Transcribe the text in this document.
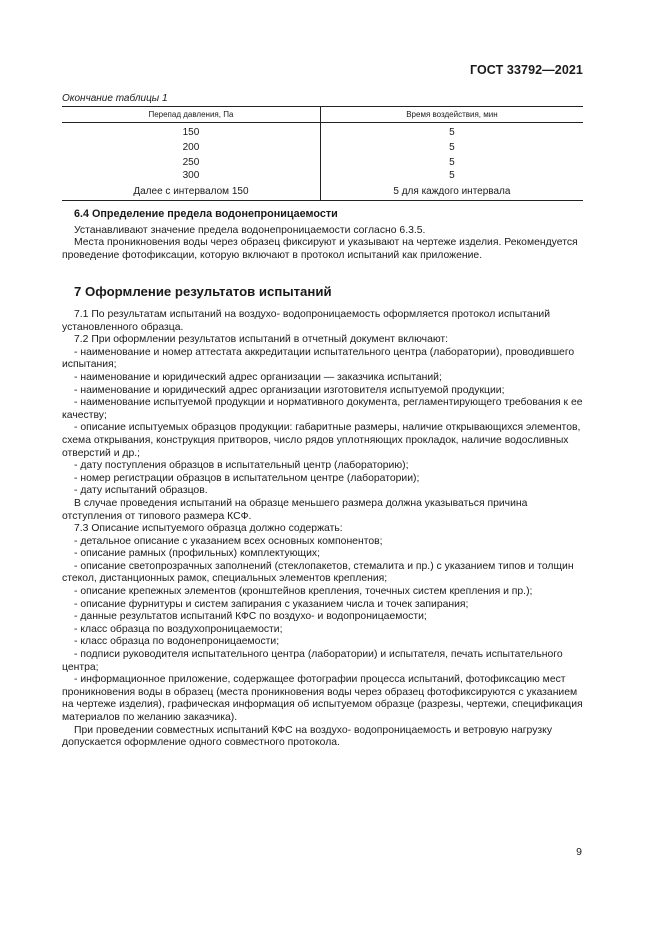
ГОСТ 33792—2021
Окончание таблицы 1
Перепад давления, Па	Время воздействия, мин
150	5
200	5
250	5
300	5
Далее с интервалом 150	5 для каждого интервала
6.4 Определение предела водонепроницаемости

Устанавливают значение предела водонепроницаемости согласно 6.3.5.

Места проникновения воды через образец фиксируют и указывают на чертеже изделия. Рекомендуется проведение фотофиксации, которую включают в протокол испытаний как приложение.

7 Оформление результатов испытаний

7.1 По результатам испытаний на воздухо- водопроницаемость оформляется протокол испытаний установленного образца.

7.2 При оформлении результатов испытаний в отчетный документ включают:

- наименование и номер аттестата аккредитации испытательного центра (лаборатории), проводившего испытания;

- наименование и юридический адрес организации — заказчика испытаний;

- наименование и юридический адрес организации изготовителя испытуемой продукции;

- наименование испытуемой продукции и нормативного документа, регламентирующего требования к ее качеству;

- описание испытуемых образцов продукции: габаритные размеры, наличие открывающихся элементов, схема открывания, конструкция притворов, число рядов уплотняющих прокладок, наличие водосливных отверстий и др.;

- дату поступления образцов в испытательный центр (лабораторию);

- номер регистрации образцов в испытательном центре (лаборатории);

- дату испытаний образцов.

В случае проведения испытаний на образце меньшего размера должна указываться причина отступления от типового размера КСФ.

7.3 Описание испытуемого образца должно содержать:

- детальное описание с указанием всех основных компонентов;

- описание рамных (профильных) комплектующих;

- описание светопрозрачных заполнений (стеклопакетов, стемалита и пр.) с указанием типов и толщин стекол, дистанционных рамок, специальных элементов крепления;

- описание крепежных элементов (кронштейнов крепления, точечных систем крепления и пр.);

- описание фурнитуры и систем запирания с указанием числа и точек запирания;

- данные результатов испытаний КФС по воздухо- и водопроницаемости;

- класс образца по воздухопроницаемости;

- класс образца по водонепроницаемости;

- подписи руководителя испытательного центра (лаборатории) и испытателя, печать испытательного центра;

- информационное приложение, содержащее фотографии процесса испытаний, фотофиксацию мест проникновения воды в образец (места проникновения воды через образец фотофиксируются с указанием на чертеже изделия), графическая информация об испытуемом образце (разрезы, чертежи, спецификация материалов по желанию заказчика).

При проведении совместных испытаний КФС на воздухо- водопроницаемость и ветровую нагрузку допускается оформление одного совместного протокола.

9
